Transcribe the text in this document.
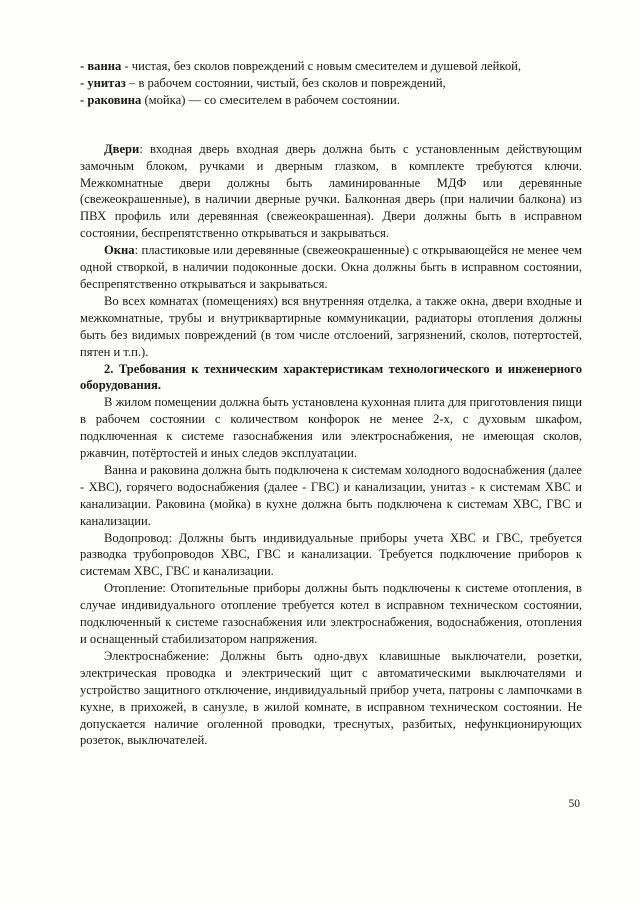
- ванна - чистая, без сколов повреждений с новым смесителем и душевой лейкой,
- унитаз – в рабочем состоянии, чистый, без сколов и повреждений,
- раковина (мойка) — со смесителем в рабочем состоянии.

Двери: входная дверь входная дверь должна быть с установленным действующим замочным блоком, ручками и дверным глазком, в комплекте требуются ключи. Межкомнатные двери должны быть ламинированные МДФ или деревянные (свежеокрашенные), в наличии дверные ручки. Балконная дверь (при наличии балкона) из ПВХ профиль или деревянная (свежеокрашенная). Двери должны быть в исправном состоянии, беспрепятственно открываться и закрываться.

Окна: пластиковые или деревянные (свежеокрашенные) с открывающейся не менее чем одной створкой, в наличии подоконные доски. Окна должны быть в исправном состоянии, беспрепятственно открываться и закрываться.

Во всех комнатах (помещениях) вся внутренняя отделка, а также окна, двери входные и межкомнатные, трубы и внутриквартирные коммуникации, радиаторы отопления должны быть без видимых повреждений (в том числе отслоений, загрязнений, сколов, потертостей, пятен и т.п.).

2. Требования к техническим характеристикам технологического и инженерного оборудования.

В жилом помещении должна быть установлена кухонная плита для приготовления пищи в рабочем состоянии с количеством конфорок не менее 2-х, с духовым шкафом, подключенная к системе газоснабжения или электроснабжения, не имеющая сколов, ржавчин, потёртостей и иных следов эксплуатации.

Ванна и раковина должна быть подключена к системам холодного водоснабжения (далее - ХВС), горячего водоснабжения (далее - ГВС) и канализации, унитаз - к системам ХВС и канализации. Раковина (мойка) в кухне должна быть подключена к системам ХВС, ГВС и канализации.

Водопровод: Должны быть индивидуальные приборы учета ХВС и ГВС, требуется разводка трубопроводов ХВС, ГВС и канализации. Требуется подключение приборов к системам ХВС, ГВС и канализации.

Отопление: Отопительные приборы должны быть подключены к системе отопления, в случае индивидуального отопление требуется котел в исправном техническом состоянии, подключенный к системе газоснабжения или электроснабжения, водоснабжения, отопления и оснащенный стабилизатором напряжения.

Электроснабжение: Должны быть одно-двух клавишные выключатели, розетки, электрическая проводка и электрический щит с автоматическими выключателями и устройство защитного отключение, индивидуальный прибор учета, патроны с лампочками в кухне, в прихожей, в санузле, в жилой комнате, в исправном техническом состоянии. Не допускается наличие оголенной проводки, треснутых, разбитых, нефункционирующих розеток, выключателей.

50
